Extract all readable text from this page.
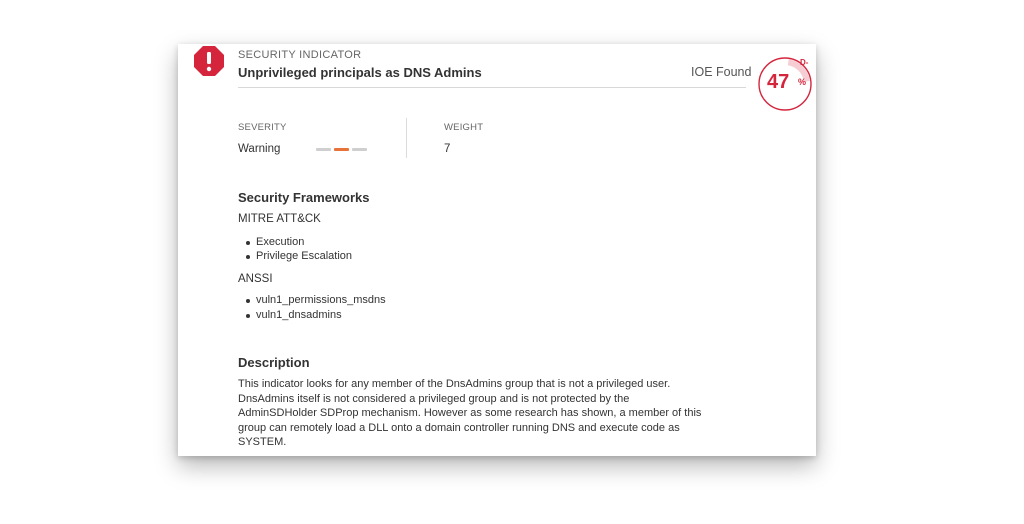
SECURITY INDICATOR
Unprivileged principals as DNS Admins	IOE Found 47 %
D-
SEVERITY
Warning
WEIGHT
7
Security Frameworks
MITRE ATT&CK
Execution
Privilege Escalation
ANSSI
vuln1_permissions_msdns
vuln1_dnsadmins
Description
This indicator looks for any member of the DnsAdmins group that is not a privileged user. DnsAdmins itself is not considered a privileged group and is not protected by the AdminSDHolder SDProp mechanism. However as some research has shown, a member of this group can remotely load a DLL onto a domain controller running DNS and execute code as SYSTEM.
